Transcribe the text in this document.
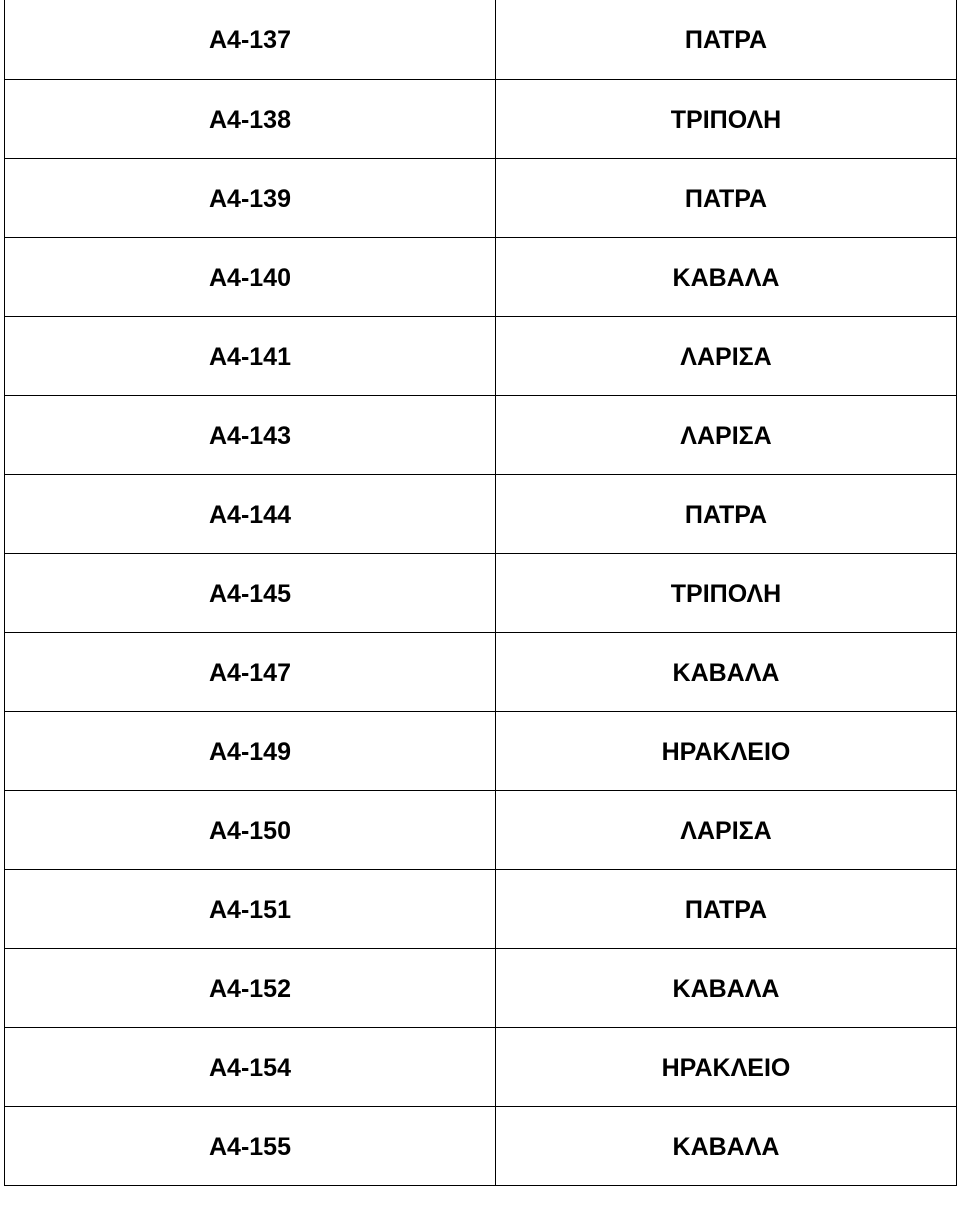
A4-137	ΠΑΤΡΑ
A4-138	ΤΡΙΠΟΛΗ
A4-139	ΠΑΤΡΑ
A4-140	ΚΑΒΑΛΑ
A4-141	ΛΑΡΙΣΑ
A4-143	ΛΑΡΙΣΑ
A4-144	ΠΑΤΡΑ
A4-145	ΤΡΙΠΟΛΗ
A4-147	ΚΑΒΑΛΑ
A4-149	ΗΡΑΚΛΕΙΟ
A4-150	ΛΑΡΙΣΑ
A4-151	ΠΑΤΡΑ
A4-152	ΚΑΒΑΛΑ
A4-154	ΗΡΑΚΛΕΙΟ
A4-155	ΚΑΒΑΛΑ
